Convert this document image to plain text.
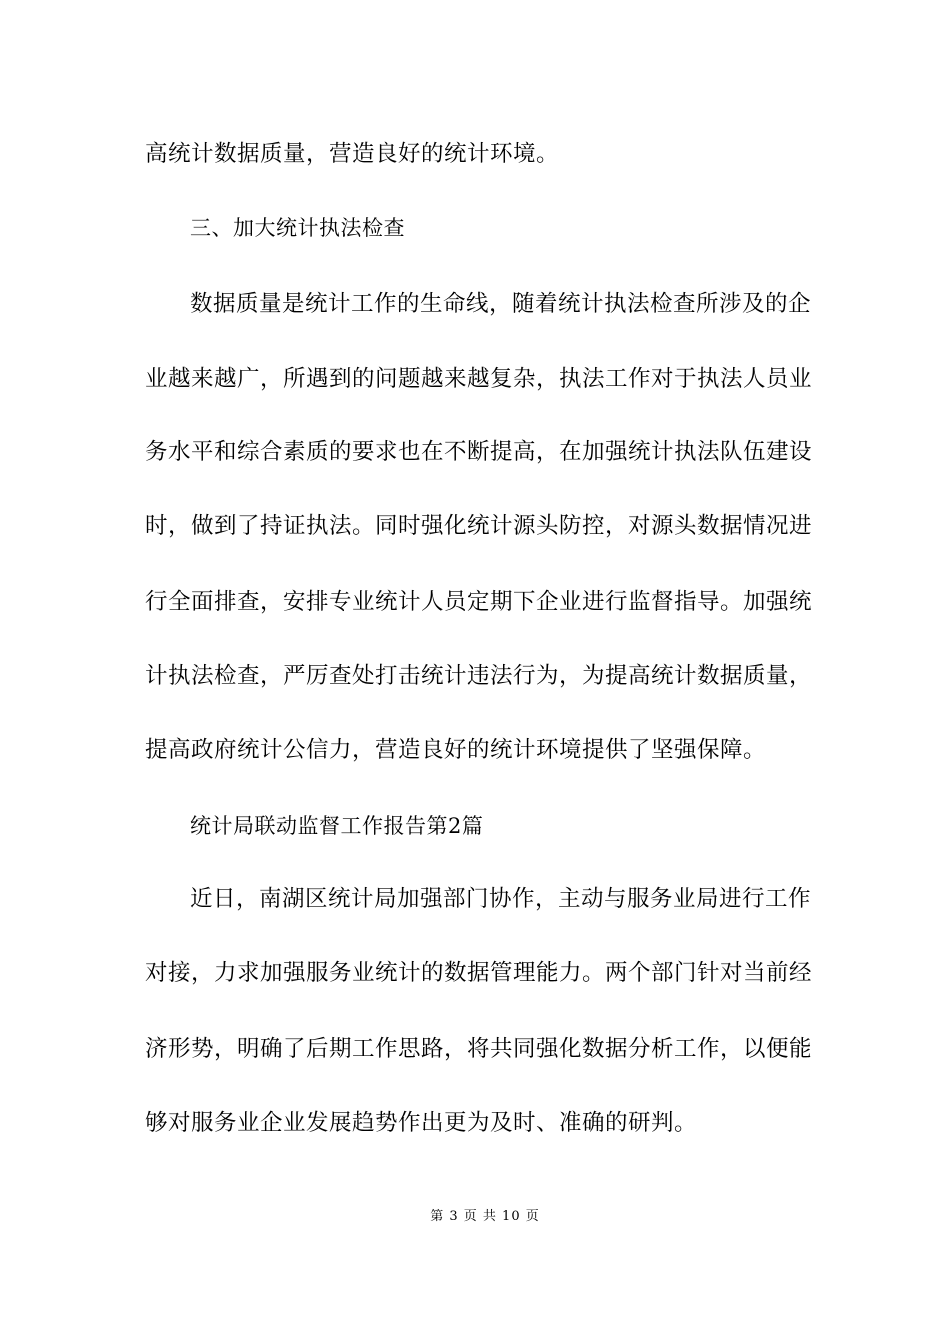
高统计数据质量，营造良好的统计环境。
三、加大统计执法检查
数据质量是统计工作的生命线，随着统计执法检查所涉及的企
业越来越广，所遇到的问题越来越复杂，执法工作对于执法人员业
务水平和综合素质的要求也在不断提高，在加强统计执法队伍建设
时，做到了持证执法。同时强化统计源头防控，对源头数据情况进
行全面排查，安排专业统计人员定期下企业进行监督指导。加强统
计执法检查，严厉查处打击统计违法行为，为提高统计数据质量，
提高政府统计公信力，营造良好的统计环境提供了坚强保障。
统计局联动监督工作报告第2篇
近日，南湖区统计局加强部门协作，主动与服务业局进行工作
对接，力求加强服务业统计的数据管理能力。两个部门针对当前经
济形势，明确了后期工作思路，将共同强化数据分析工作，以便能
够对服务业企业发展趋势作出更为及时、准确的研判。
第 3 页 共 10 页
